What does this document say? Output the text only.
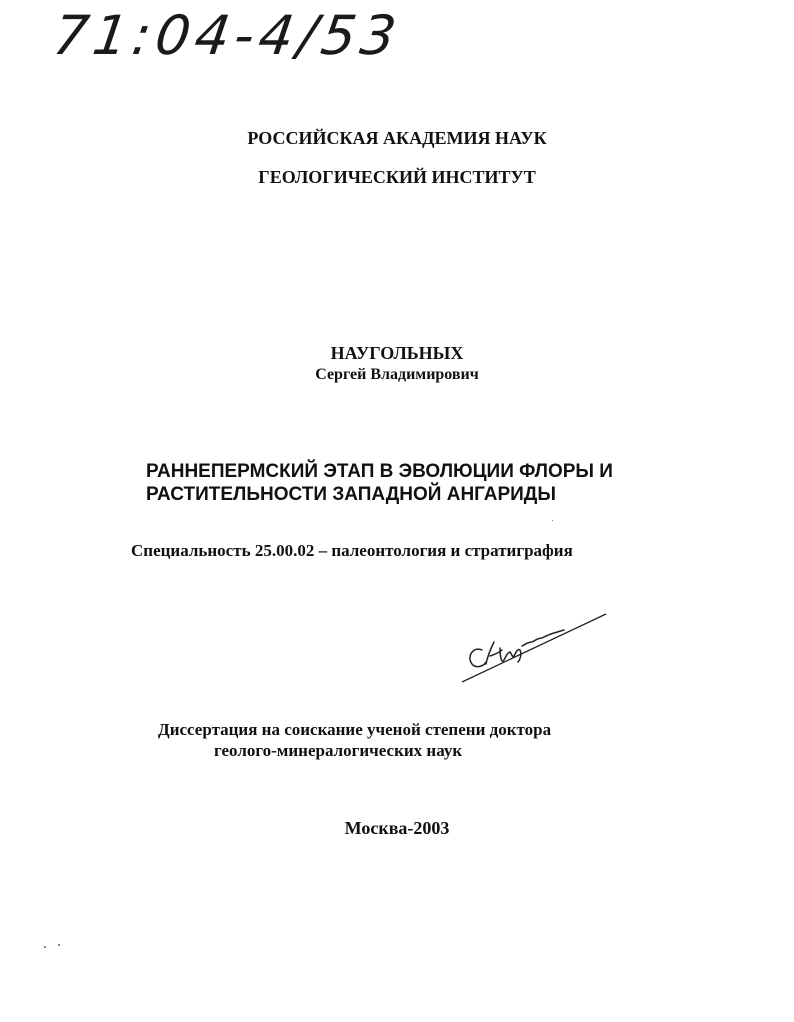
71:04-4/53
РОССИЙСКАЯ АКАДЕМИЯ НАУК
ГЕОЛОГИЧЕСКИЙ ИНСТИТУТ
НАУГОЛЬНЫХ
Сергей Владимирович
РАННЕПЕРМСКИЙ ЭТАП В ЭВОЛЮЦИИ ФЛОРЫ И
РАСТИТЕЛЬНОСТИ ЗАПАДНОЙ АНГАРИДЫ
Специальность 25.00.02 – палеонтология и стратиграфия
Диссертация на соискание ученой степени доктора
геолого-минералогических наук
Москва-2003
